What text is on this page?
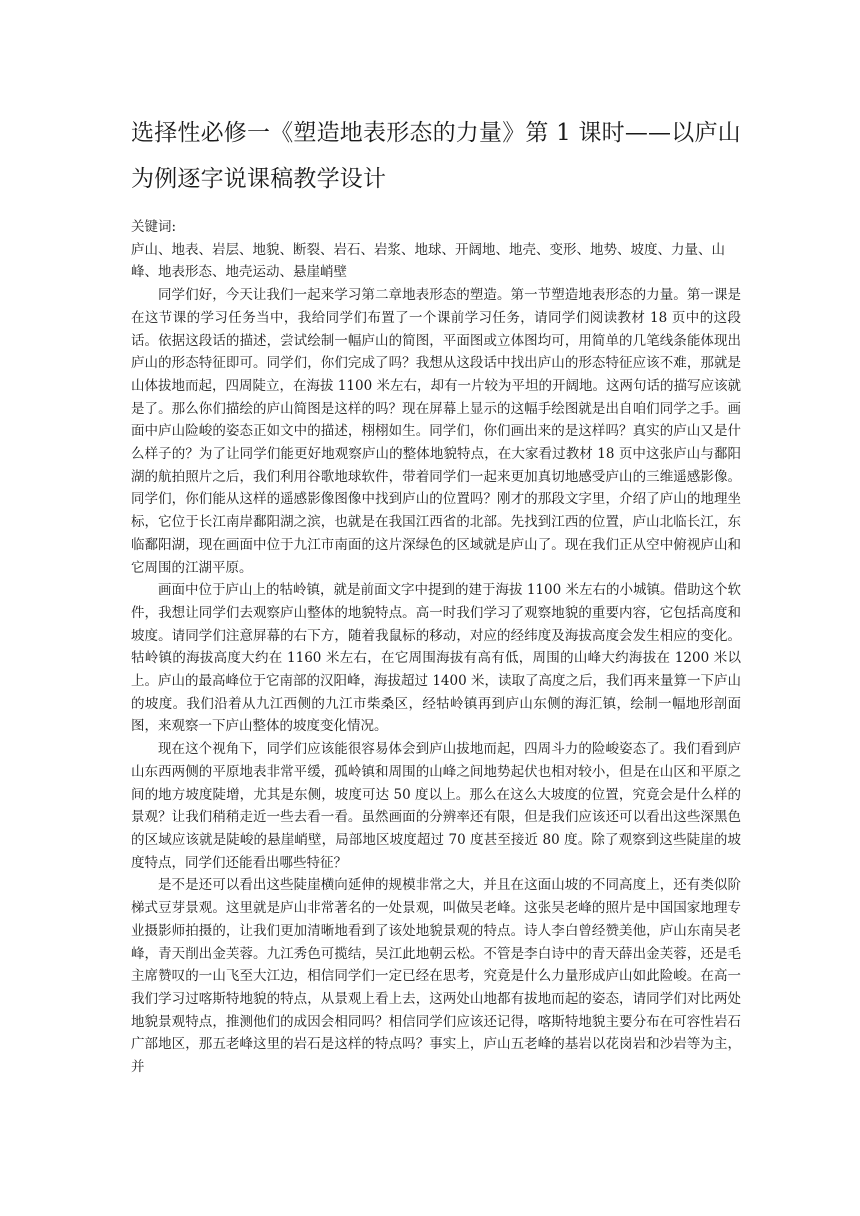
选择性必修一《塑造地表形态的力量》第 1 课时——以庐山为例逐字说课稿教学设计
关键词:
庐山、地表、岩层、地貌、断裂、岩石、岩浆、地球、开阔地、地壳、变形、地势、坡度、力量、山峰、地表形态、地壳运动、悬崖峭壁

同学们好，今天让我们一起来学习第二章地表形态的塑造。第一节塑造地表形态的力量。第一课是在这节课的学习任务当中，我给同学们布置了一个课前学习任务，请同学们阅读教材 18 页中的这段话。依据这段话的描述，尝试绘制一幅庐山的简图，平面图或立体图均可，用简单的几笔线条能体现出庐山的形态特征即可。同学们，你们完成了吗？我想从这段话中找出庐山的形态特征应该不难，那就是山体拔地而起，四周陡立，在海拔 1100 米左右，却有一片较为平坦的开阔地。这两句话的描写应该就是了。那么你们描绘的庐山简图是这样的吗？现在屏幕上显示的这幅手绘图就是出自咱们同学之手。画面中庐山险峻的姿态正如文中的描述，栩栩如生。同学们，你们画出来的是这样吗？真实的庐山又是什么样子的？为了让同学们能更好地观察庐山的整体地貌特点，在大家看过教材 18 页中这张庐山与鄱阳湖的航拍照片之后，我们利用谷歌地球软件，带着同学们一起来更加真切地感受庐山的三维遥感影像。同学们，你们能从这样的遥感影像图像中找到庐山的位置吗？刚才的那段文字里，介绍了庐山的地理坐标，它位于长江南岸鄱阳湖之滨，也就是在我国江西省的北部。先找到江西的位置，庐山北临长江，东临鄱阳湖，现在画面中位于九江市南面的这片深绿色的区域就是庐山了。现在我们正从空中俯视庐山和它周围的江湖平原。

画面中位于庐山上的牯岭镇，就是前面文字中提到的建于海拔 1100 米左右的小城镇。借助这个软件，我想让同学们去观察庐山整体的地貌特点。高一时我们学习了观察地貌的重要内容，它包括高度和坡度。请同学们注意屏幕的右下方，随着我鼠标的移动，对应的经纬度及海拔高度会发生相应的变化。牯岭镇的海拔高度大约在 1160 米左右，在它周围海拔有高有低，周围的山峰大约海拔在 1200 米以上。庐山的最高峰位于它南部的汉阳峰，海拔超过 1400 米，读取了高度之后，我们再来量算一下庐山的坡度。我们沿着从九江西侧的九江市柴桑区，经牯岭镇再到庐山东侧的海汇镇，绘制一幅地形剖面图，来观察一下庐山整体的坡度变化情况。

现在这个视角下，同学们应该能很容易体会到庐山拔地而起，四周斗力的险峻姿态了。我们看到庐山东西两侧的平原地表非常平缓，孤岭镇和周围的山峰之间地势起伏也相对较小，但是在山区和平原之间的地方坡度陡增，尤其是东侧，坡度可达 50 度以上。那么在这么大坡度的位置，究竟会是什么样的景观？让我们稍稍走近一些去看一看。虽然画面的分辨率还有限，但是我们应该还可以看出这些深黑色的区域应该就是陡峻的悬崖峭壁，局部地区坡度超过 70 度甚至接近 80 度。除了观察到这些陡崖的坡度特点，同学们还能看出哪些特征？

是不是还可以看出这些陡崖横向延伸的规模非常之大，并且在这面山坡的不同高度上，还有类似阶梯式豆芽景观。这里就是庐山非常著名的一处景观，叫做吴老峰。这张吴老峰的照片是中国国家地理专业摄影师拍摄的，让我们更加清晰地看到了该处地貌景观的特点。诗人李白曾经赞美他，庐山东南吴老峰，青天削出金芙蓉。九江秀色可揽结，吴江此地朝云松。不管是李白诗中的青天薛出金芙蓉，还是毛主席赞叹的一山飞至大江边，相信同学们一定已经在思考，究竟是什么力量形成庐山如此险峻。在高一我们学习过喀斯特地貌的特点，从景观上看上去，这两处山地都有拔地而起的姿态，请同学们对比两处地貌景观特点，推测他们的成因会相同吗？相信同学们应该还记得，喀斯特地貌主要分布在可容性岩石广部地区，那五老峰这里的岩石是这样的特点吗？事实上，庐山五老峰的基岩以花岗岩和沙岩等为主，并
